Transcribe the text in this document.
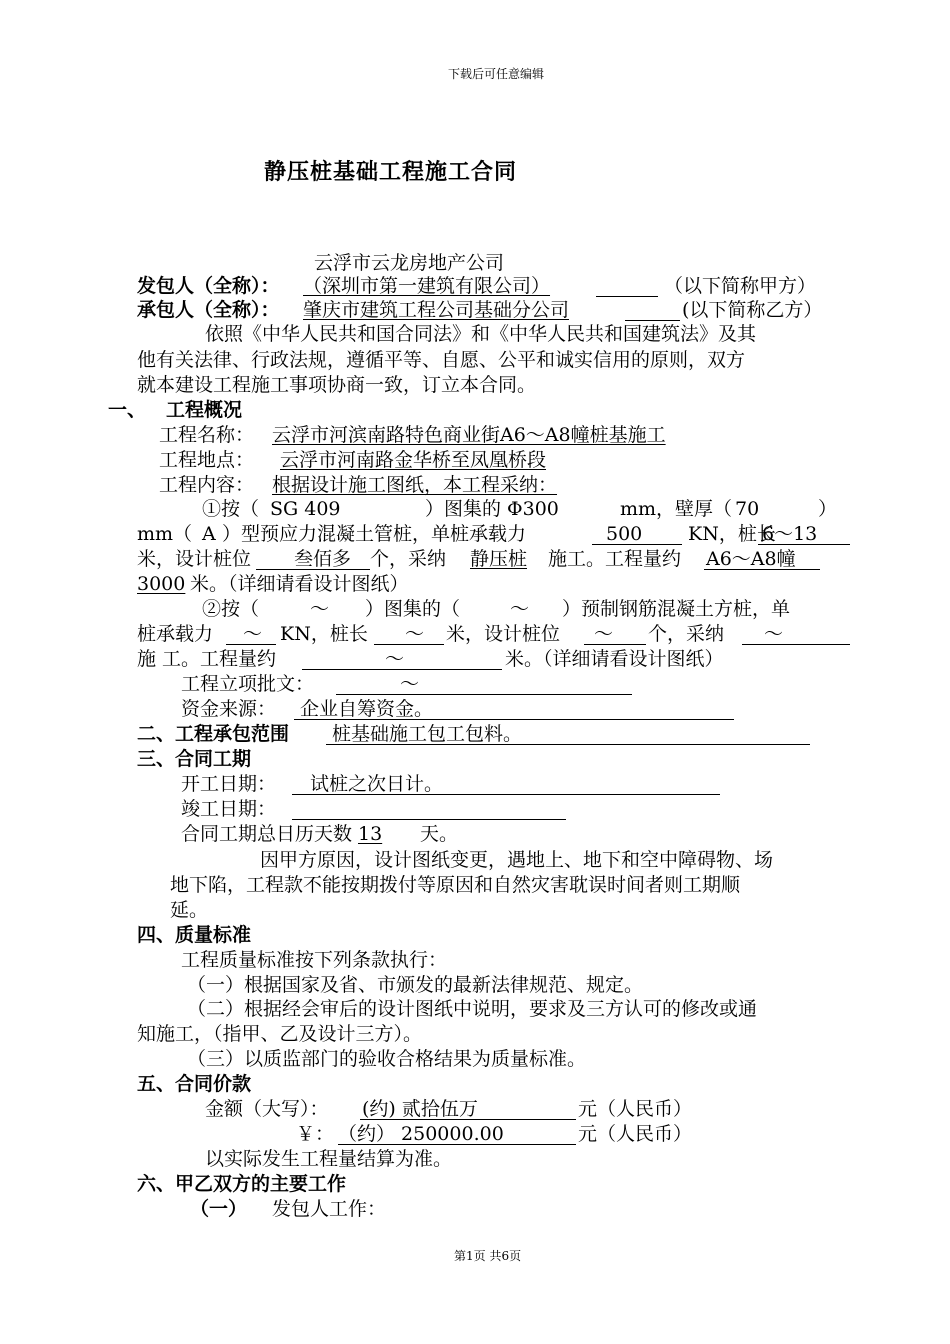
下载后可任意编辑
静压桩基础工程施工合同
云浮市云龙房地产公司
发包人（全称）： （深圳市第一建筑有限公司）	（以下简称甲方）
承包人（全称）： 肇庆市建筑工程公司基础分公司	(以下简称乙方）
依照《中华人民共和国合同法》和《中华人民共和国建筑法》及其
他有关法律、行政法规，遵循平等、自愿、公平和诚实信用的原则，双方
就本建设工程施工事项协商一致，订立本合同。
一、 工程概况
工程名称： 云浮市河滨南路特色商业街A6～A8幢桩基施工
工程地点： 云浮市河南路金华桥至凤凰桥段
工程内容： 根据设计施工图纸，本工程采纳：
①按（ SG 409	）图集的 Φ300	mm，壁厚（ 70	）
mm（ A ）型预应力混凝土管桩，单桩承载力	500 KN，桩长
6～13
米，设计桩位 叁佰多 个，采纳 静压桩 施工。工程量约 A6～A8幢
3000 米。（详细请看设计图纸）
②按（	～ ）图集的（	～ ）预制钢筋混凝土方桩，单
桩承载力 ～ KN，桩长 ～ 米，设计桩位 ～ 个，采纳 ～
施 工。工程量约	～	米。（详细请看设计图纸）
工程立项批文：	～
资金来源： 企业自筹资金。
二、工程承包范围 桩基础施工包工包料。
三、合同工期
开工日期： 试桩之次日计。
竣工日期：
合同工期总日历天数 13 天。
因甲方原因，设计图纸变更，遇地上、地下和空中障碍物、场
地下陷，工程款不能按期拨付等原因和自然灾害耽误时间者则工期顺
延。
四、质量标准
工程质量标准按下列条款执行：
（一）根据国家及省、市颁发的最新法律规范、规定。
（二）根据经会审后的设计图纸中说明，要求及三方认可的修改或通
知施工，（指甲、乙及设计三方）。
（三）以质监部门的验收合格结果为质量标准。
五、合同价款
金额（大写）： (约) 贰拾伍万	元（人民币）
￥： （约） 250000.00	元（人民币）
以实际发生工程量结算为准。
六、甲乙双方的主要工作
（一） 发包人工作：
第1页 共6页
